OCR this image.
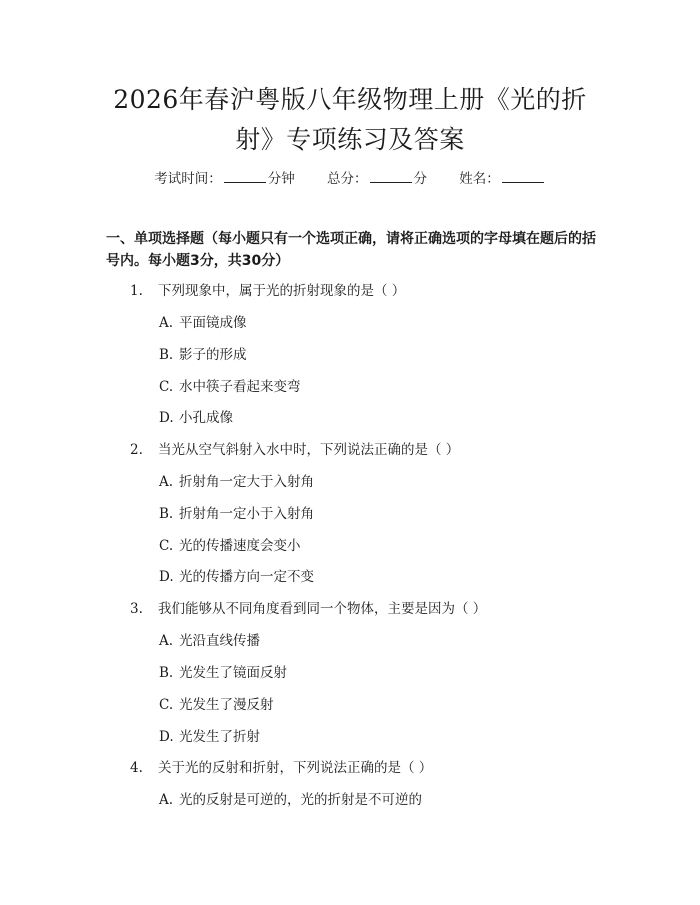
2026年春沪粤版八年级物理上册《光的折射》专项练习及答案
考试时间：	分钟 总分：	分 姓名：
一、单项选择题（每小题只有一个选项正确，请将正确选项的字母填在题后的括号内。每小题3分，共30分）
1. 下列现象中，属于光的折射现象的是（ ）
A. 平面镜成像
B. 影子的形成
C. 水中筷子看起来变弯
D. 小孔成像
2. 当光从空气斜射入水中时，下列说法正确的是（ ）
A. 折射角一定大于入射角
B. 折射角一定小于入射角
C. 光的传播速度会变小
D. 光的传播方向一定不变
3. 我们能够从不同角度看到同一个物体，主要是因为（ ）
A. 光沿直线传播
B. 光发生了镜面反射
C. 光发生了漫反射
D. 光发生了折射
4. 关于光的反射和折射，下列说法正确的是（ ）
A. 光的反射是可逆的，光的折射是不可逆的
